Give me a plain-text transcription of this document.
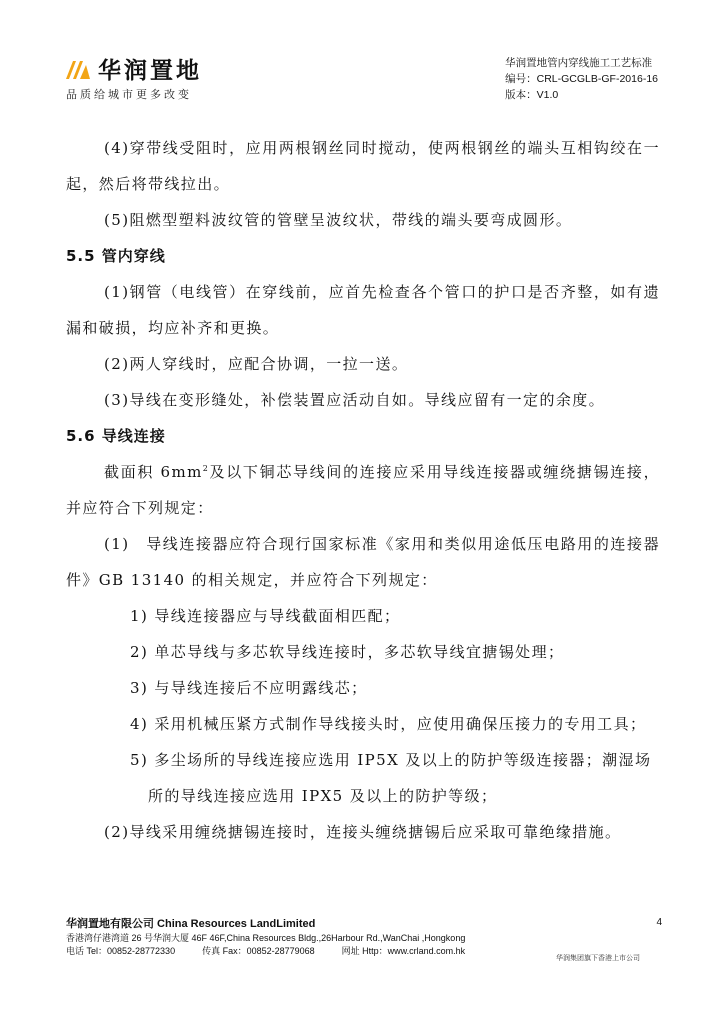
华润置地
品质给城市更多改变
华润置地管内穿线施工工艺标准
编号：CRL-GCGLB-GF-2016-16
版本：V1.0

(4)穿带线受阻时，应用两根钢丝同时搅动，使两根钢丝的端头互相钩绞在一起，然后将带线拉出。

(5)阻燃型塑料波纹管的管壁呈波纹状，带线的端头要弯成圆形。

5.5 管内穿线

(1)钢管（电线管）在穿线前，应首先检查各个管口的护口是否齐整，如有遗漏和破损，均应补齐和更换。

(2)两人穿线时，应配合协调，一拉一送。

(3)导线在变形缝处，补偿装置应活动自如。导线应留有一定的余度。

5.6 导线连接

截面积 $6mm^2$及以下铜芯导线间的连接应采用导线连接器或缠绕搪锡连接，并应符合下列规定：

(1)　导线连接器应符合现行国家标准《家用和类似用途低压电路用的连接器件》GB 13140 的相关规定，并应符合下列规定：

1) 导线连接器应与导线截面相匹配；

2) 单芯导线与多芯软导线连接时，多芯软导线宜搪锡处理；

3) 与导线连接后不应明露线芯；

4) 采用机械压紧方式制作导线接头时，应使用确保压接力的专用工具；

5) 多尘场所的导线连接应选用 IP5X 及以上的防护等级连接器；潮湿场

所的导线连接应选用 IPX5 及以上的防护等级；

(2)导线采用缠绕搪锡连接时，连接头缠绕搪锡后应采取可靠绝缘措施。

华润置地有限公司 China Resources LandLimited
香港湾仔港湾道 26 号华润大厦 46F 46F,China Resources Bldg.,26Harbour Rd.,WanChai ,Hongkong
电话 Tel：00852-28772330　　　传真 Fax：00852-28779068　　　网址 Http：www.crland.com.hk
4
华润集团旗下香港上市公司
